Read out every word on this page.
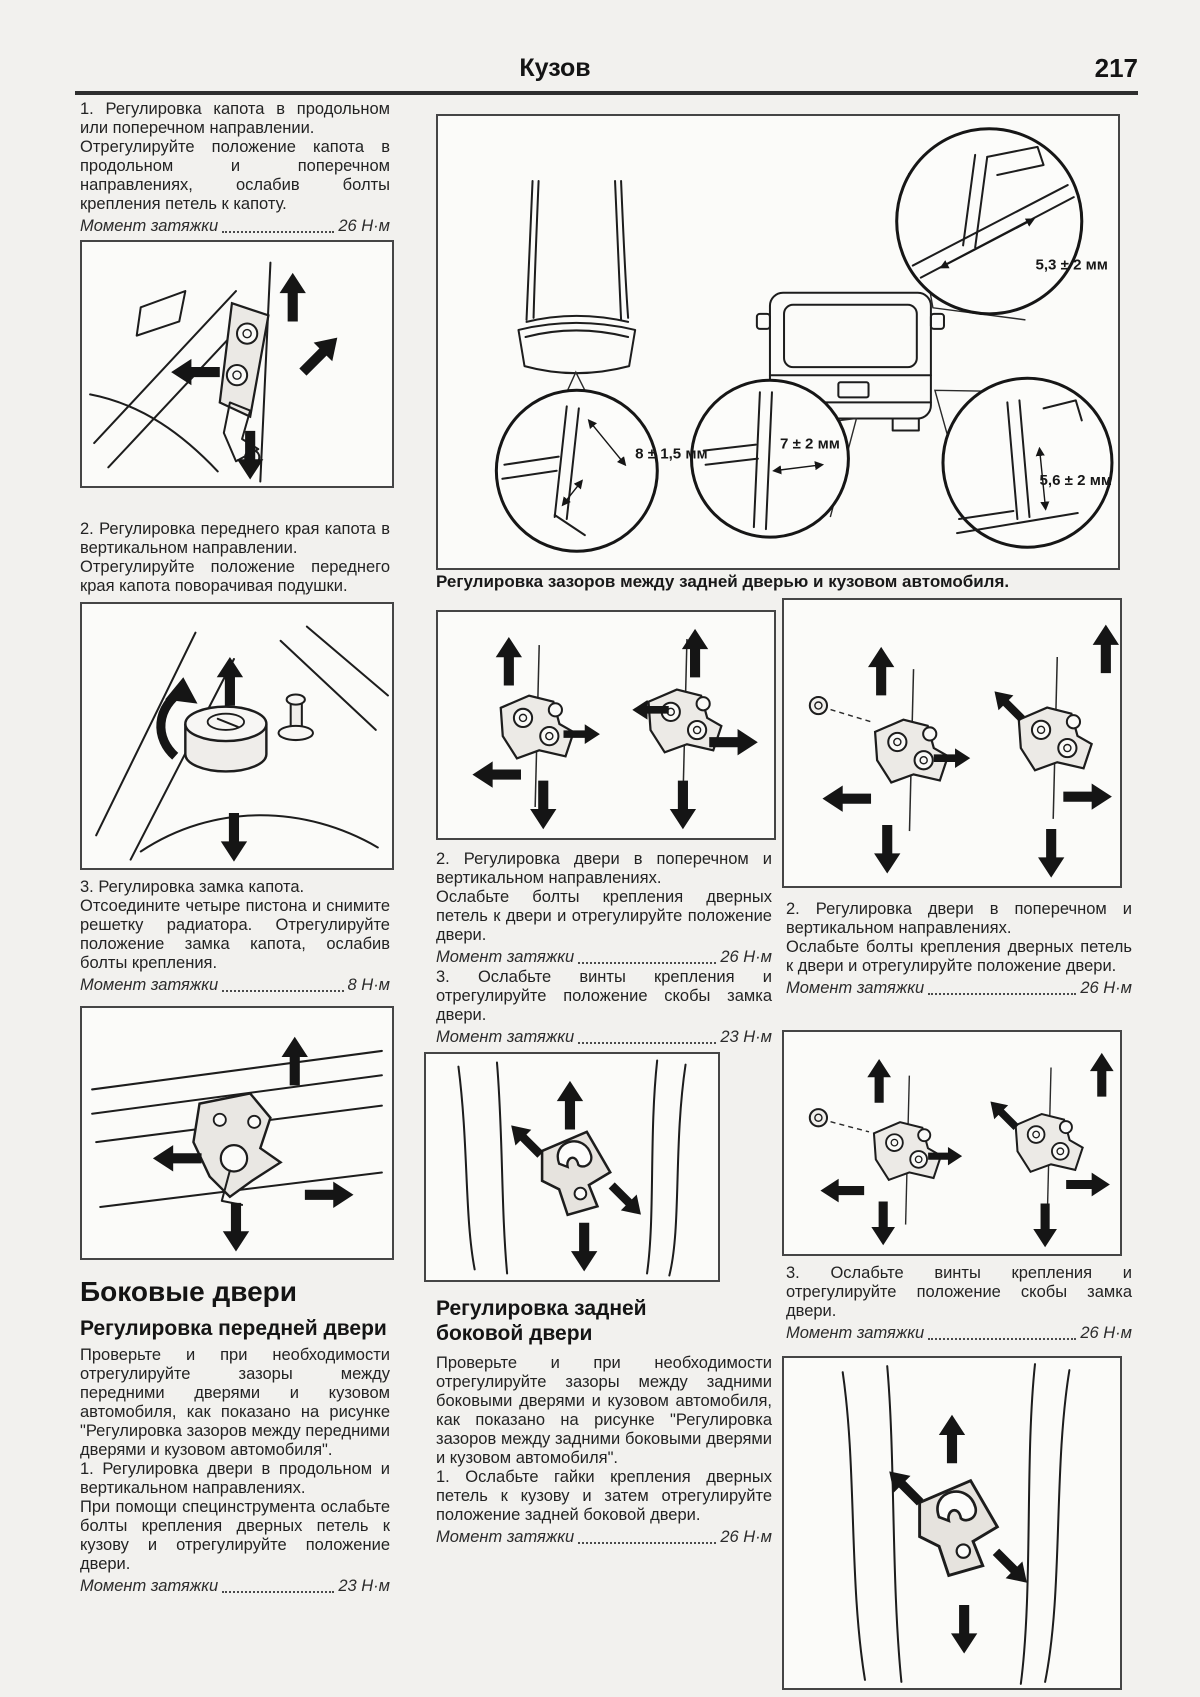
Кузов	217

1. Регулировка капота в продольном или поперечном направлении.

Отрегулируйте положение капота в продольном и поперечном направлениях, ослабив болты крепления петель к капоту.

Момент затяжки	26 Н·м

2. Регулировка переднего края капота в вертикальном направлении.

Отрегулируйте положение переднего края капота поворачивая подушки.

3. Регулировка замка капота.

Отсоедините четыре пистона и снимите решетку радиатора. Отрегулируйте положение замка капота, ослабив болты крепления.

Момент затяжки	8 Н·м
Боковые двери
Регулировка передней двери

Проверьте и при необходимости отрегулируйте зазоры между передними дверями и кузовом автомобиля, как показано на рисунке "Регулировка зазоров между передними дверями и кузовом автомобиля".

1. Регулировка двери в продольном и вертикальном направлениях.

При помощи специнструмента ослабьте болты крепления дверных петель к кузову и отрегулируйте положение двери.

Момент затяжки	23 Н·м
5,3 ± 2 мм
8 ± 1,5 мм
7 ± 2 мм
5,6 ± 2 мм
Регулировка зазоров между задней дверью и кузовом автомобиля.

2. Регулировка двери в поперечном и вертикальном направлениях.

Ослабьте болты крепления дверных петель к двери и отрегулируйте положение двери.

Момент затяжки	26 Н·м

3. Ослабьте винты крепления и отрегулируйте положение скобы замка двери.

Момент затяжки	23 Н·м
Регулировка задней боковой двери

Проверьте и при необходимости отрегулируйте зазоры между задними боковыми дверями и кузовом автомобиля, как показано на рисунке "Регулировка зазоров между задними боковыми дверями и кузовом автомобиля".

1. Ослабьте гайки крепления дверных петель к кузову и затем отрегулируйте положение задней боковой двери.

Момент затяжки	26 Н·м

2. Регулировка двери в поперечном и вертикальном направлениях.

Ослабьте болты крепления дверных петель к двери и отрегулируйте положение двери.

Момент затяжки	26 Н·м

3. Ослабьте винты крепления и отрегулируйте положение скобы замка двери.

Момент затяжки	26 Н·м
